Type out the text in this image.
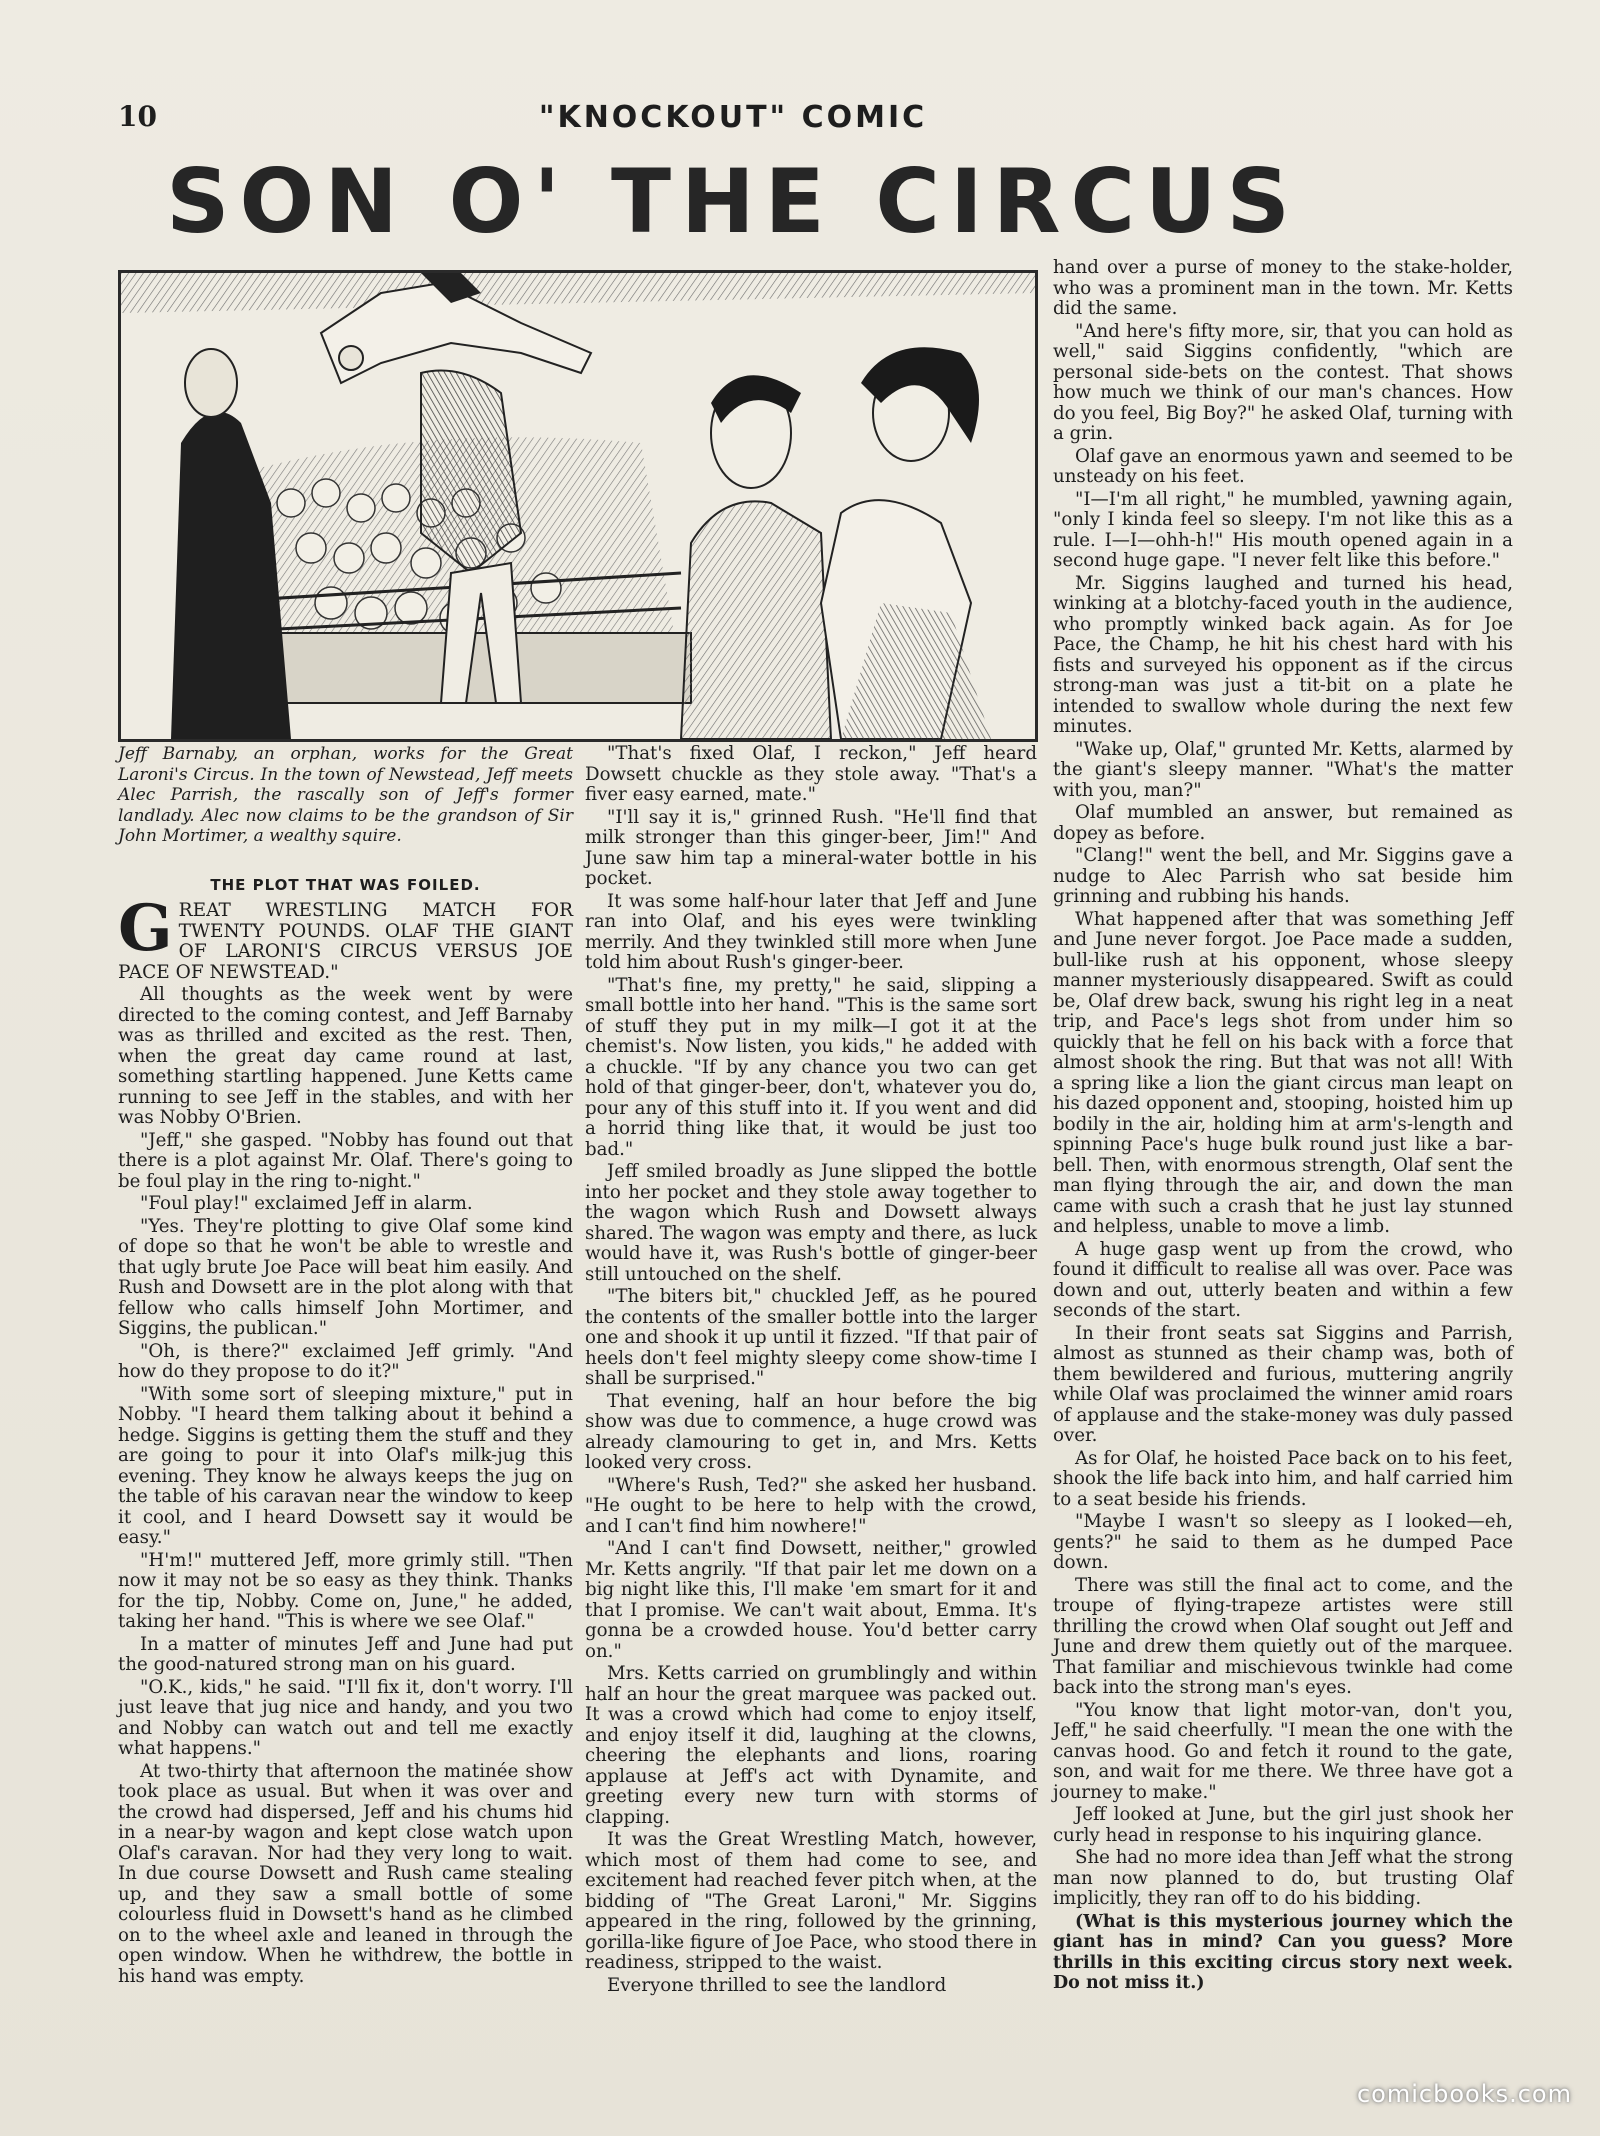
10	"KNOCKOUT" COMIC
SON O' THE CIRCUS

Jeff Barnaby, an orphan, works for the Great Laroni's Circus. In the town of Newstead, Jeff meets Alec Parrish, the rascally son of Jeff's former landlady. Alec now claims to be the grandson of Sir John Mortimer, a wealthy squire.

THE PLOT THAT WAS FOILED.

GREAT WRESTLING MATCH FOR TWENTY POUNDS. OLAF THE GIANT OF LARONI'S CIRCUS VERSUS JOE PACE OF NEWSTEAD."

All thoughts as the week went by were directed to the coming contest, and Jeff Barnaby was as thrilled and excited as the rest. Then, when the great day came round at last, something startling happened. June Ketts came running to see Jeff in the stables, and with her was Nobby O'Brien.

"Jeff," she gasped. "Nobby has found out that there is a plot against Mr. Olaf. There's going to be foul play in the ring to-night."

"Foul play!" exclaimed Jeff in alarm.

"Yes. They're plotting to give Olaf some kind of dope so that he won't be able to wrestle and that ugly brute Joe Pace will beat him easily. And Rush and Dowsett are in the plot along with that fellow who calls himself John Mortimer, and Siggins, the publican."

"Oh, is there?" exclaimed Jeff grimly. "And how do they propose to do it?"

"With some sort of sleeping mixture," put in Nobby. "I heard them talking about it behind a hedge. Siggins is getting them the stuff and they are going to pour it into Olaf's milk-jug this evening. They know he always keeps the jug on the table of his caravan near the window to keep it cool, and I heard Dowsett say it would be easy."

"H'm!" muttered Jeff, more grimly still. "Then now it may not be so easy as they think. Thanks for the tip, Nobby. Come on, June," he added, taking her hand. "This is where we see Olaf."

In a matter of minutes Jeff and June had put the good-natured strong man on his guard.

"O.K., kids," he said. "I'll fix it, don't worry. I'll just leave that jug nice and handy, and you two and Nobby can watch out and tell me exactly what happens."

At two-thirty that afternoon the matinée show took place as usual. But when it was over and the crowd had dispersed, Jeff and his chums hid in a near-by wagon and kept close watch upon Olaf's caravan. Nor had they very long to wait. In due course Dowsett and Rush came stealing up, and they saw a small bottle of some colourless fluid in Dowsett's hand as he climbed on to the wheel axle and leaned in through the open window. When he withdrew, the bottle in his hand was empty.

"That's fixed Olaf, I reckon," Jeff heard Dowsett chuckle as they stole away. "That's a fiver easy earned, mate."

"I'll say it is," grinned Rush. "He'll find that milk stronger than this ginger-beer, Jim!" And June saw him tap a mineral-water bottle in his pocket.

It was some half-hour later that Jeff and June ran into Olaf, and his eyes were twinkling merrily. And they twinkled still more when June told him about Rush's ginger-beer.

"That's fine, my pretty," he said, slipping a small bottle into her hand. "This is the same sort of stuff they put in my milk—I got it at the chemist's. Now listen, you kids," he added with a chuckle. "If by any chance you two can get hold of that ginger-beer, don't, whatever you do, pour any of this stuff into it. If you went and did a horrid thing like that, it would be just too bad."

Jeff smiled broadly as June slipped the bottle into her pocket and they stole away together to the wagon which Rush and Dowsett always shared. The wagon was empty and there, as luck would have it, was Rush's bottle of ginger-beer still untouched on the shelf.

"The biters bit," chuckled Jeff, as he poured the contents of the smaller bottle into the larger one and shook it up until it fizzed. "If that pair of heels don't feel mighty sleepy come show-time I shall be surprised."

That evening, half an hour before the big show was due to commence, a huge crowd was already clamouring to get in, and Mrs. Ketts looked very cross.

"Where's Rush, Ted?" she asked her husband. "He ought to be here to help with the crowd, and I can't find him nowhere!"

"And I can't find Dowsett, neither," growled Mr. Ketts angrily. "If that pair let me down on a big night like this, I'll make 'em smart for it and that I promise. We can't wait about, Emma. It's gonna be a crowded house. You'd better carry on."

Mrs. Ketts carried on grumblingly and within half an hour the great marquee was packed out. It was a crowd which had come to enjoy itself, and enjoy itself it did, laughing at the clowns, cheering the elephants and lions, roaring applause at Jeff's act with Dynamite, and greeting every new turn with storms of clapping.

It was the Great Wrestling Match, however, which most of them had come to see, and excitement had reached fever pitch when, at the bidding of "The Great Laroni," Mr. Siggins appeared in the ring, followed by the grinning, gorilla-like figure of Joe Pace, who stood there in readiness, stripped to the waist.

Everyone thrilled to see the landlord

hand over a purse of money to the stake-holder, who was a prominent man in the town. Mr. Ketts did the same.

"And here's fifty more, sir, that you can hold as well," said Siggins confidently, "which are personal side-bets on the contest. That shows how much we think of our man's chances. How do you feel, Big Boy?" he asked Olaf, turning with a grin.

Olaf gave an enormous yawn and seemed to be unsteady on his feet.

"I—I'm all right," he mumbled, yawning again, "only I kinda feel so sleepy. I'm not like this as a rule. I—I—ohh-h!" His mouth opened again in a second huge gape. "I never felt like this before."

Mr. Siggins laughed and turned his head, winking at a blotchy-faced youth in the audience, who promptly winked back again. As for Joe Pace, the Champ, he hit his chest hard with his fists and surveyed his opponent as if the circus strong-man was just a tit-bit on a plate he intended to swallow whole during the next few minutes.

"Wake up, Olaf," grunted Mr. Ketts, alarmed by the giant's sleepy manner. "What's the matter with you, man?"

Olaf mumbled an answer, but remained as dopey as before.

"Clang!" went the bell, and Mr. Siggins gave a nudge to Alec Parrish who sat beside him grinning and rubbing his hands.

What happened after that was something Jeff and June never forgot. Joe Pace made a sudden, bull-like rush at his opponent, whose sleepy manner mysteriously disappeared. Swift as could be, Olaf drew back, swung his right leg in a neat trip, and Pace's legs shot from under him so quickly that he fell on his back with a force that almost shook the ring. But that was not all! With a spring like a lion the giant circus man leapt on his dazed opponent and, stooping, hoisted him up bodily in the air, holding him at arm's-length and spinning Pace's huge bulk round just like a bar-bell. Then, with enormous strength, Olaf sent the man flying through the air, and down the man came with such a crash that he just lay stunned and helpless, unable to move a limb.

A huge gasp went up from the crowd, who found it difficult to realise all was over. Pace was down and out, utterly beaten and within a few seconds of the start.

In their front seats sat Siggins and Parrish, almost as stunned as their champ was, both of them bewildered and furious, muttering angrily while Olaf was proclaimed the winner amid roars of applause and the stake-money was duly passed over.

As for Olaf, he hoisted Pace back on to his feet, shook the life back into him, and half carried him to a seat beside his friends.

"Maybe I wasn't so sleepy as I looked—eh, gents?" he said to them as he dumped Pace down.

There was still the final act to come, and the troupe of flying-trapeze artistes were still thrilling the crowd when Olaf sought out Jeff and June and drew them quietly out of the marquee. That familiar and mischievous twinkle had come back into the strong man's eyes.

"You know that light motor-van, don't you, Jeff," he said cheerfully. "I mean the one with the canvas hood. Go and fetch it round to the gate, son, and wait for me there. We three have got a journey to make."

Jeff looked at June, but the girl just shook her curly head in response to his inquiring glance.

She had no more idea than Jeff what the strong man now planned to do, but trusting Olaf implicitly, they ran off to do his bidding.

(What is this mysterious journey which the giant has in mind? Can you guess? More thrills in this exciting circus story next week. Do not miss it.)

comicbooks.com
